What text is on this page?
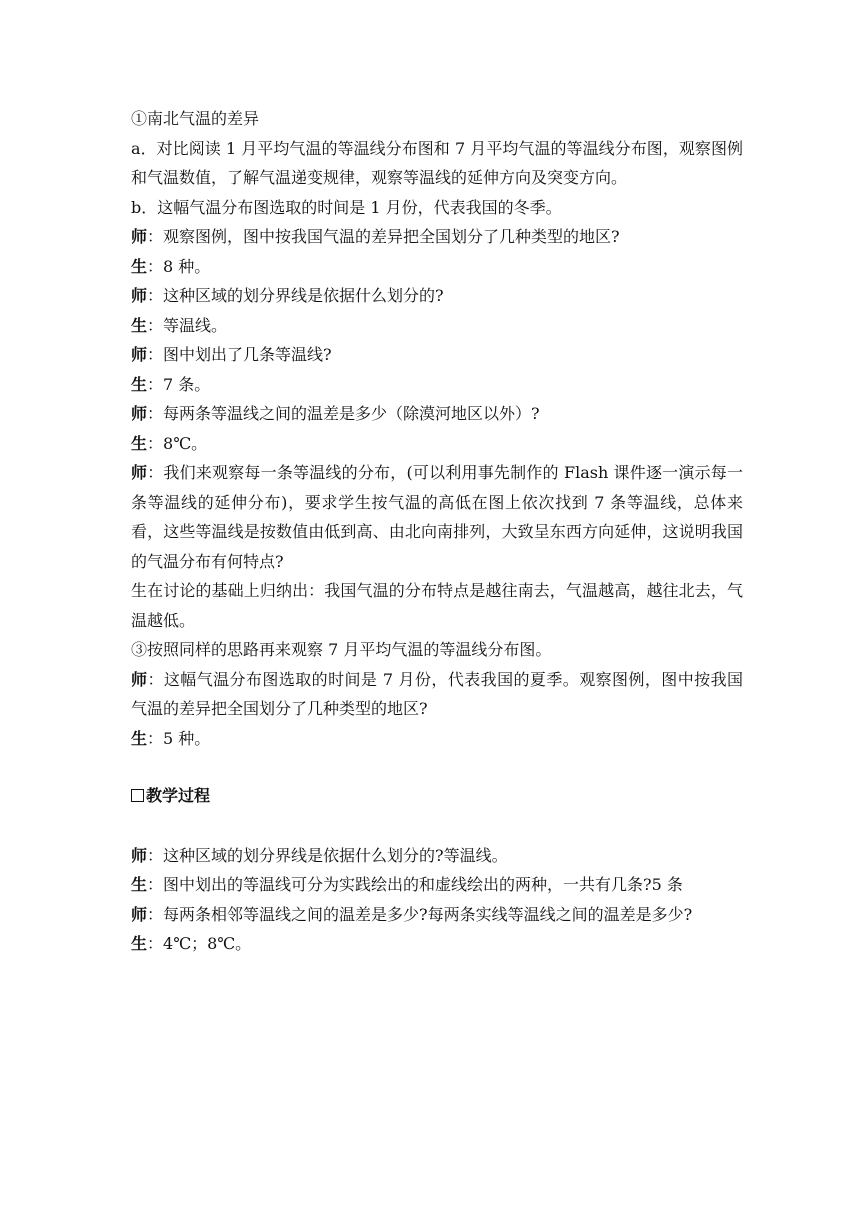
①南北气温的差异

a．对比阅读 1 月平均气温的等温线分布图和 7 月平均气温的等温线分布图，观察图例和气温数值，了解气温递变规律，观察等温线的延伸方向及突变方向。

b．这幅气温分布图选取的时间是 1 月份，代表我国的冬季。

师：观察图例，图中按我国气温的差异把全国划分了几种类型的地区?

生：8 种。

师：这种区域的划分界线是依据什么划分的?

生：等温线。

师：图中划出了几条等温线?

生：7 条。

师：每两条等温线之间的温差是多少（除漠河地区以外）?

生：8℃。

师：我们来观察每一条等温线的分布，(可以利用事先制作的 Flash 课件逐一演示每一条等温线的延伸分布)，要求学生按气温的高低在图上依次找到 7 条等温线，总体来看，这些等温线是按数值由低到高、由北向南排列，大致呈东西方向延伸，这说明我国的气温分布有何特点?

生在讨论的基础上归纳出：我国气温的分布特点是越往南去，气温越高，越往北去，气温越低。

③按照同样的思路再来观察 7 月平均气温的等温线分布图。

师：这幅气温分布图选取的时间是 7 月份，代表我国的夏季。观察图例，图中按我国气温的差异把全国划分了几种类型的地区?

生：5 种。

教学过程

师：这种区域的划分界线是依据什么划分的?等温线。

生：图中划出的等温线可分为实践绘出的和虚线绘出的两种，一共有几条?5 条

师：每两条相邻等温线之间的温差是多少?每两条实线等温线之间的温差是多少?

生：4℃；8℃。
